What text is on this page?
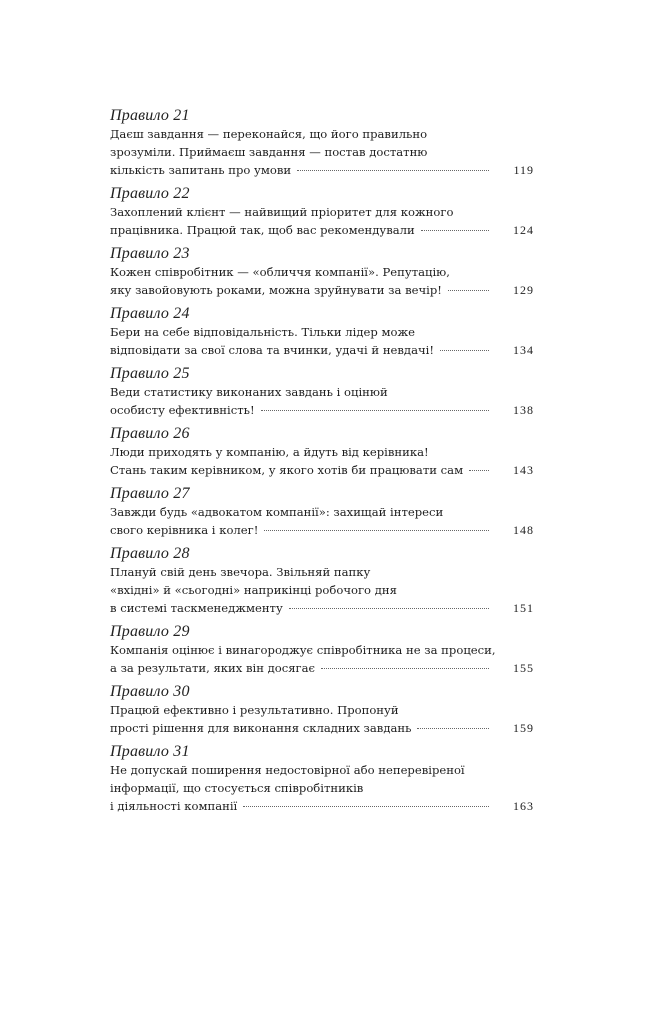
Правило 21
Даєш завдання — переконайся, що його правильно
зрозуміли. Приймаєш завдання — постав достатню
кількість запитань про умови	119
Правило 22
Захоплений клієнт — найвищий пріоритет для кожного
працівника. Працюй так, щоб вас рекомендували	124
Правило 23
Кожен співробітник — «обличчя компанії». Репутацію,
яку завойовують роками, можна зруйнувати за вечір!	129
Правило 24
Бери на себе відповідальність. Тільки лідер може
відповідати за свої слова та вчинки, удачі й невдачі!	134
Правило 25
Веди статистику виконаних завдань і оцінюй
особисту ефективність!	138
Правило 26
Люди приходять у компанію, а йдуть від керівника!
Стань таким керівником, у якого хотів би працювати сам	143
Правило 27
Завжди будь «адвокатом компанії»: захищай інтереси
свого керівника і колег!	148
Правило 28
Плануй свій день звечора. Звільняй папку
«вхідні» й «сьогодні» наприкінці робочого дня
в системі таскменеджменту	151
Правило 29
Компанія оцінює і винагороджує співробітника не за процеси,
а за результати, яких він досягає	155
Правило 30
Працюй ефективно і результативно. Пропонуй
прості рішення для виконання складних завдань	159
Правило 31
Не допускай поширення недостовірної або неперевіреної
інформації, що стосується співробітників
і діяльності компанії	163
